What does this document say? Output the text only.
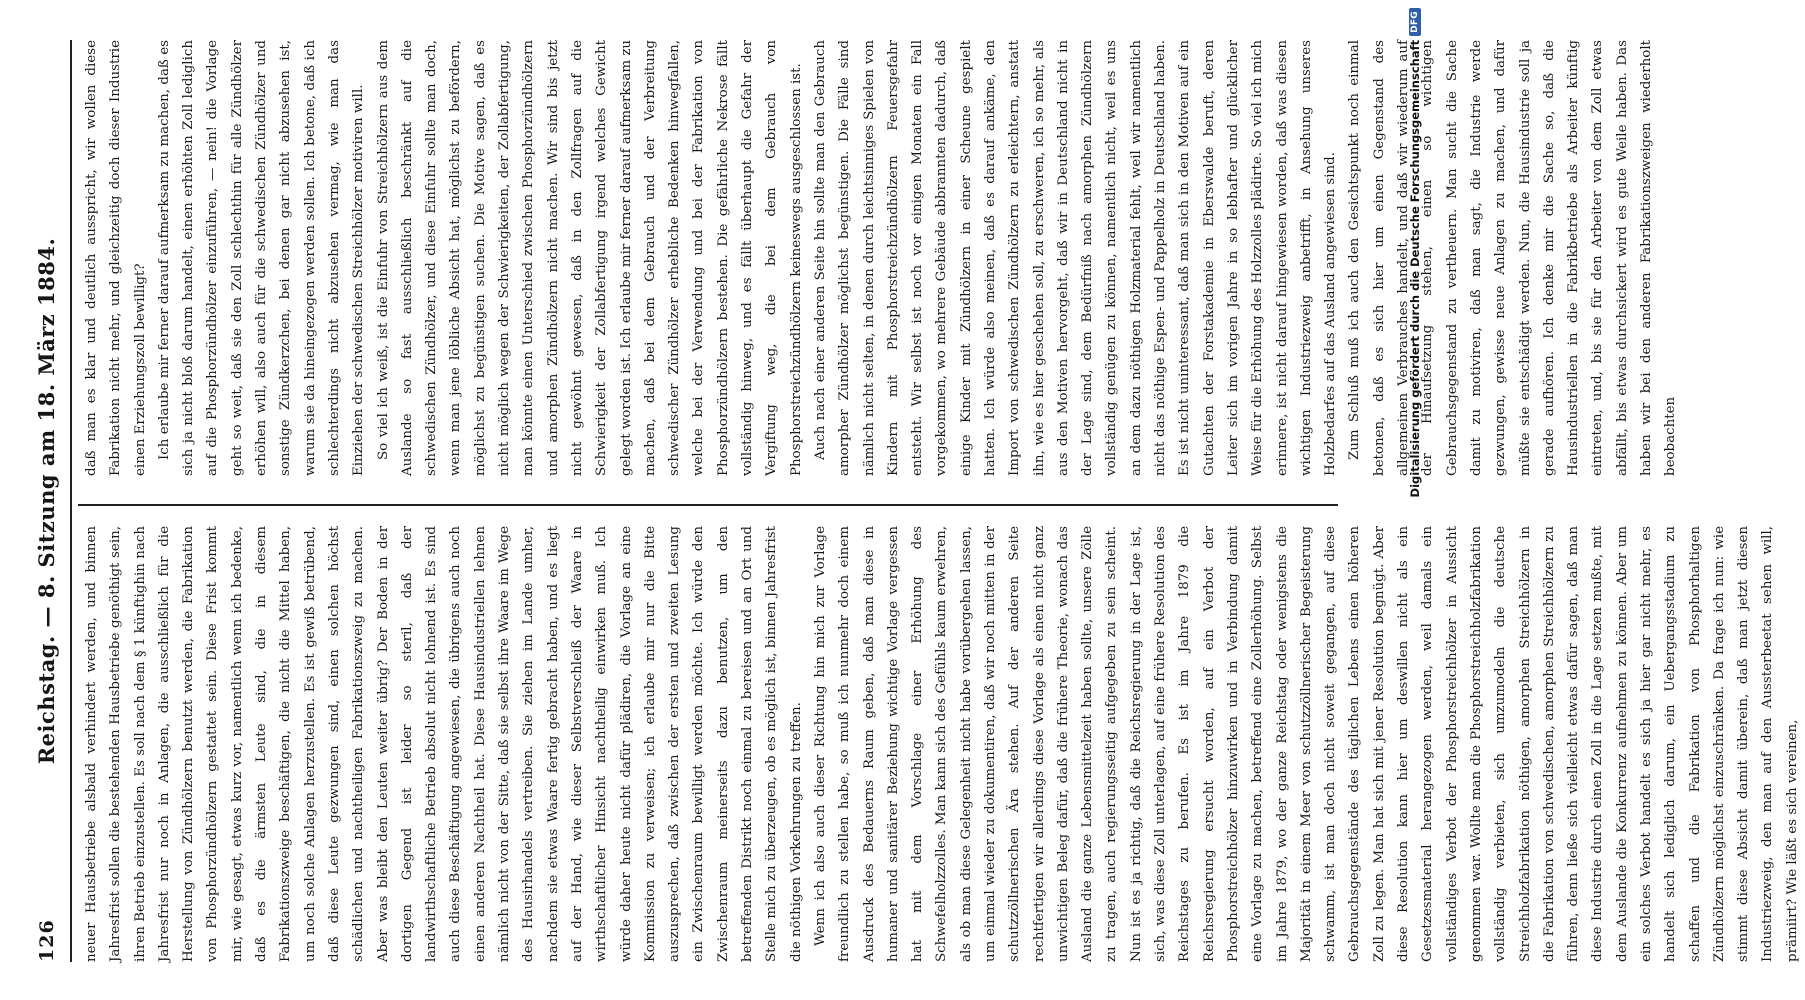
126
Reichstag. — 8. Sitzung am 18. März 1884. neuer Hausbetriebe alsbald verhindert werden, und binnen Jahresfrist sollen die bestehenden Hausbetriebe genöthigt sein, ihren Betrieb einzustellen. Es soll nach dem § 1 künftighin nach Jahresfrist nur noch in Anlagen, die ausschließlich für die Herstellung von Zündhölzern benutzt werden, die Fabrikation von Phosphorzündhölzern gestattet sein. Diese Frist kommt mir, wie gesagt, etwas kurz vor, namentlich wenn ich bedenke, daß es die ärmsten Leute sind, die in diesem Fabrikationszweige beschäftigen, die nicht die Mittel haben, um noch solche Anlagen herzustellen. Es ist gewiß betrübend, daß diese Leute gezwungen sind, einen solchen höchst schädlichen und nachtheiligen Fabrikationszweig zu machen. Aber was bleibt den Leuten weiter übrig? Der Boden in der dortigen Gegend ist leider so steril, daß der landwirthschaftliche Betrieb absolut nicht lohnend ist. Es sind auch diese Beschäftigung angewiesen, die übrigens auch noch einen anderen Nachtheil hat. Diese Hausindustriellen lehnen nämlich nicht von der Sitte, daß sie selbst ihre Waare im Wege des Hausirhandels vertreiben. Sie ziehen im Lande umher, nachdem sie etwas Waare fertig gebracht haben, und es liegt auf der Hand, wie dieser Selbstverschleiß der Waare in wirthschaftlicher Hinsicht nachtheilig einwirken muß. Ich würde daher heute nicht dafür plädiren, die Vorlage an eine Kommission zu verweisen; ich erlaube mir nur die Bitte auszusprechen, daß zwischen der ersten und zweiten Lesung ein Zwischenraum bewilligt werden möchte. Ich würde den Zwischenraum meinerseits dazu benutzen, um den betreffenden Distrikt noch einmal zu bereisen und an Ort und Stelle mich zu überzeugen, ob es möglich ist, binnen Jahresfrist die nöthigen Vorkehrungen zu treffen. Wenn ich also auch dieser Richtung hin mich zur Vorlage freundlich zu stellen habe, so muß ich nunmehr doch einem Ausdruck des Bedauerns Raum geben, daß man diese in humaner und sanitärer Beziehung wichtige Vorlage vergessen hat mit dem Vorschlage einer Erhöhung des Schwefelholzzolles. Man kann sich des Gefühls kaum erwehren, als ob man diese Gelegenheit nicht habe vorübergehen lassen, um einmal wieder zu dokumentiren, daß wir noch mitten in der schutzzöllnerischen Ära stehen. Auf der anderen Seite rechtfertigen wir allerdings diese Vorlage als einen nicht ganz unwichtigen Beleg dafür, daß die frühere Theorie, wonach das Ausland die ganze Lebensmittelzeit haben sollte, unsere Zölle zu tragen, auch regierungsseitig aufgegeben zu sein scheint. Nun ist es ja richtig, daß die Reichsregierung in der Lage ist, sich, was diese Zoll unterlagen, auf eine frühere Resolution des Reichstages zu berufen. Es ist im Jahre 1879 die Reichsregierung ersucht worden, auf ein Verbot der Phosphorstreichhölzer hinzuwirken und in Verbindung damit eine Vorlage zu machen, betreffend eine Zollerhöhung. Selbst im Jahre 1879, wo der ganze Reichstag oder wenigstens die Majorität in einem Meer von schutzzöllnerischer Begeisterung schwamm, ist man doch nicht soweit gegangen, auf diese Gebrauchsgegenstände des täglichen Lebens einen höheren Zoll zu legen. Man hat sich mit jener Resolution begnügt. Aber diese Resolution kann hier um deswillen nicht als ein Gesetzesmaterial herangezogen werden, weil damals ein vollständiges Verbot der Phosphorstreichhölzer in Aussicht genommen war. Wollte man die Phosphorstreichholzfabrikation vollständig verbieten, sich umzumodeln die deutsche Streichholzfabrikation nöthigen, amorphen Streichhölzern in die Fabrikation von schwedischen, amorphen Streichhölzern zu führen, denn ließe sich vielleicht etwas dafür sagen, daß man diese Industrie durch einen Zoll in die Lage setzen mußte, mit dem Auslande die Konkurrenz aufnehmen zu können. Aber um ein solches Verbot handelt es sich ja hier gar nicht mehr, es handelt sich lediglich darum, ein Uebergangsstadium zu schaffen und die Fabrikation von Phosphorhaltigen Zündhölzern möglichst einzuschränken. Da frage ich nun: wie stimmt diese Absicht damit überein, daß man jetzt diesen Industriezweig, den man auf den Aussterbeetat sehen will, prämiirt? Wie läßt es sich vereinen,

daß man es klar und deutlich ausspricht, wir wollen diese Fabrikation nicht mehr, und gleichzeitig doch dieser Industrie einen Erziehungszoll bewilligt? Ich erlaube mir ferner darauf aufmerksam zu machen, daß es sich ja nicht bloß darum handelt, einen erhöhten Zoll lediglich auf die Phosphorzündhölzer einzuführen, — nein! die Vorlage geht so weit, daß sie den Zoll schlechthin für alle Zündhölzer erhöhen will, also auch für die schwedischen Zündhölzer und sonstige Zündkerzchen, bei denen gar nicht abzusehen ist, warum sie da hineingezogen werden sollen. Ich betone, daß ich schlechterdings nicht abzusehen vermag, wie man das Einziehen der schwedischen Streichhölzer motiviren will. So viel ich weiß, ist die Einfuhr von Streichhölzern aus dem Auslande so fast ausschließlich beschränkt auf die schwedischen Zündhölzer, und diese Einfuhr sollte man doch, wenn man jene löbliche Absicht hat, möglichst zu befördern, möglichst zu begünstigen suchen. Die Motive sagen, daß es nicht möglich wegen der Schwierigkeiten, der Zollabfertigung, man könnte einen Unterschied zwischen Phosphorzündhölzern und amorphen Zündhölzern nicht machen. Wir sind bis jetzt nicht gewöhnt gewesen, daß in den Zollfragen auf die Schwierigkeit der Zollabfertigung irgend welches Gewicht gelegt worden ist. Ich erlaube mir ferner darauf aufmerksam zu machen, daß bei dem Gebrauch und der Verbreitung schwedischer Zündhölzer erhebliche Bedenken hinwegfallen, welche bei der Verwendung und bei der Fabrikation von Phosphorzündhölzern bestehen. Die gefährliche Nekrose fällt vollständig hinweg, und es fällt überhaupt die Gefahr der Vergiftung weg, die bei dem Gebrauch von Phosphorstreichzündhölzern keineswegs ausgeschlossen ist. Auch nach einer anderen Seite hin sollte man den Gebrauch amorpher Zündhölzer möglichst begünstigen. Die Fälle sind nämlich nicht selten, in denen durch leichtsinniges Spielen von Kindern mit Phosphorstreichzündhölzern Feuersgefahr entsteht. Wir selbst ist noch vor einigen Monaten ein Fall vorgekommen, wo mehrere Gebäude abbrannten dadurch, daß einige Kinder mit Zündhölzern in einer Scheune gespielt hatten. Ich würde also meinen, daß es darauf ankäme, den Import von schwedischen Zündhölzern zu erleichtern, anstatt ihn, wie es hier geschehen soll, zu erschweren, ich so mehr, als aus den Motiven hervorgeht, daß wir in Deutschland nicht in der Lage sind, dem Bedürfniß nach amorphen Zündhölzern vollständig genügen zu können, namentlich nicht, weil es uns an dem dazu nöthigen Holzmaterial fehlt, weil wir namentlich nicht das nöthige Espen- und Pappelholz in Deutschland haben. Es ist nicht uninteressant, daß man sich in den Motiven auf ein Gutachten der Forstakademie in Eberswalde beruft, deren Leiter sich im vorigen Jahre in so lebhafter und glücklicher Weise für die Erhöhung des Holzzolles plädirte. So viel ich mich erinnere, ist nicht darauf hingewiesen worden, daß was diesen wichtigen Industriezweig anbetrifft, in Ansehung unseres Holzbedarfes auf das Ausland angewiesen sind. Zum Schluß muß ich auch den Gesichtspunkt noch einmal betonen, daß es sich hier um einen Gegenstand des allgemeinen Verbrauches handelt, und daß wir wiederum auf der Hinaufsetzung stehen, einen so wichtigen Gebrauchsgegenstand zu vertheuern. Man sucht die Sache damit zu motiviren, daß man sagt, die Industrie werde gezwungen, gewisse neue Anlagen zu machen, und dafür müßte sie entschädigt werden. Nun, die Hausindustrie soll ja gerade aufhören. Ich denke mir die Sache so, daß die Hausindustriellen in die Fabrikbetriebe als Arbeiter künftig eintreten, und, bis sie für den Arbeiter von dem Zoll etwas abfällt, bis etwas durchsickert wird es gute Weile haben. Das haben wir bei den anderen Fabrikationszweigen wiederholt beobachten

Digitalisierung gefördert durch die Deutsche Forschungsgemeinschaft
DFG
